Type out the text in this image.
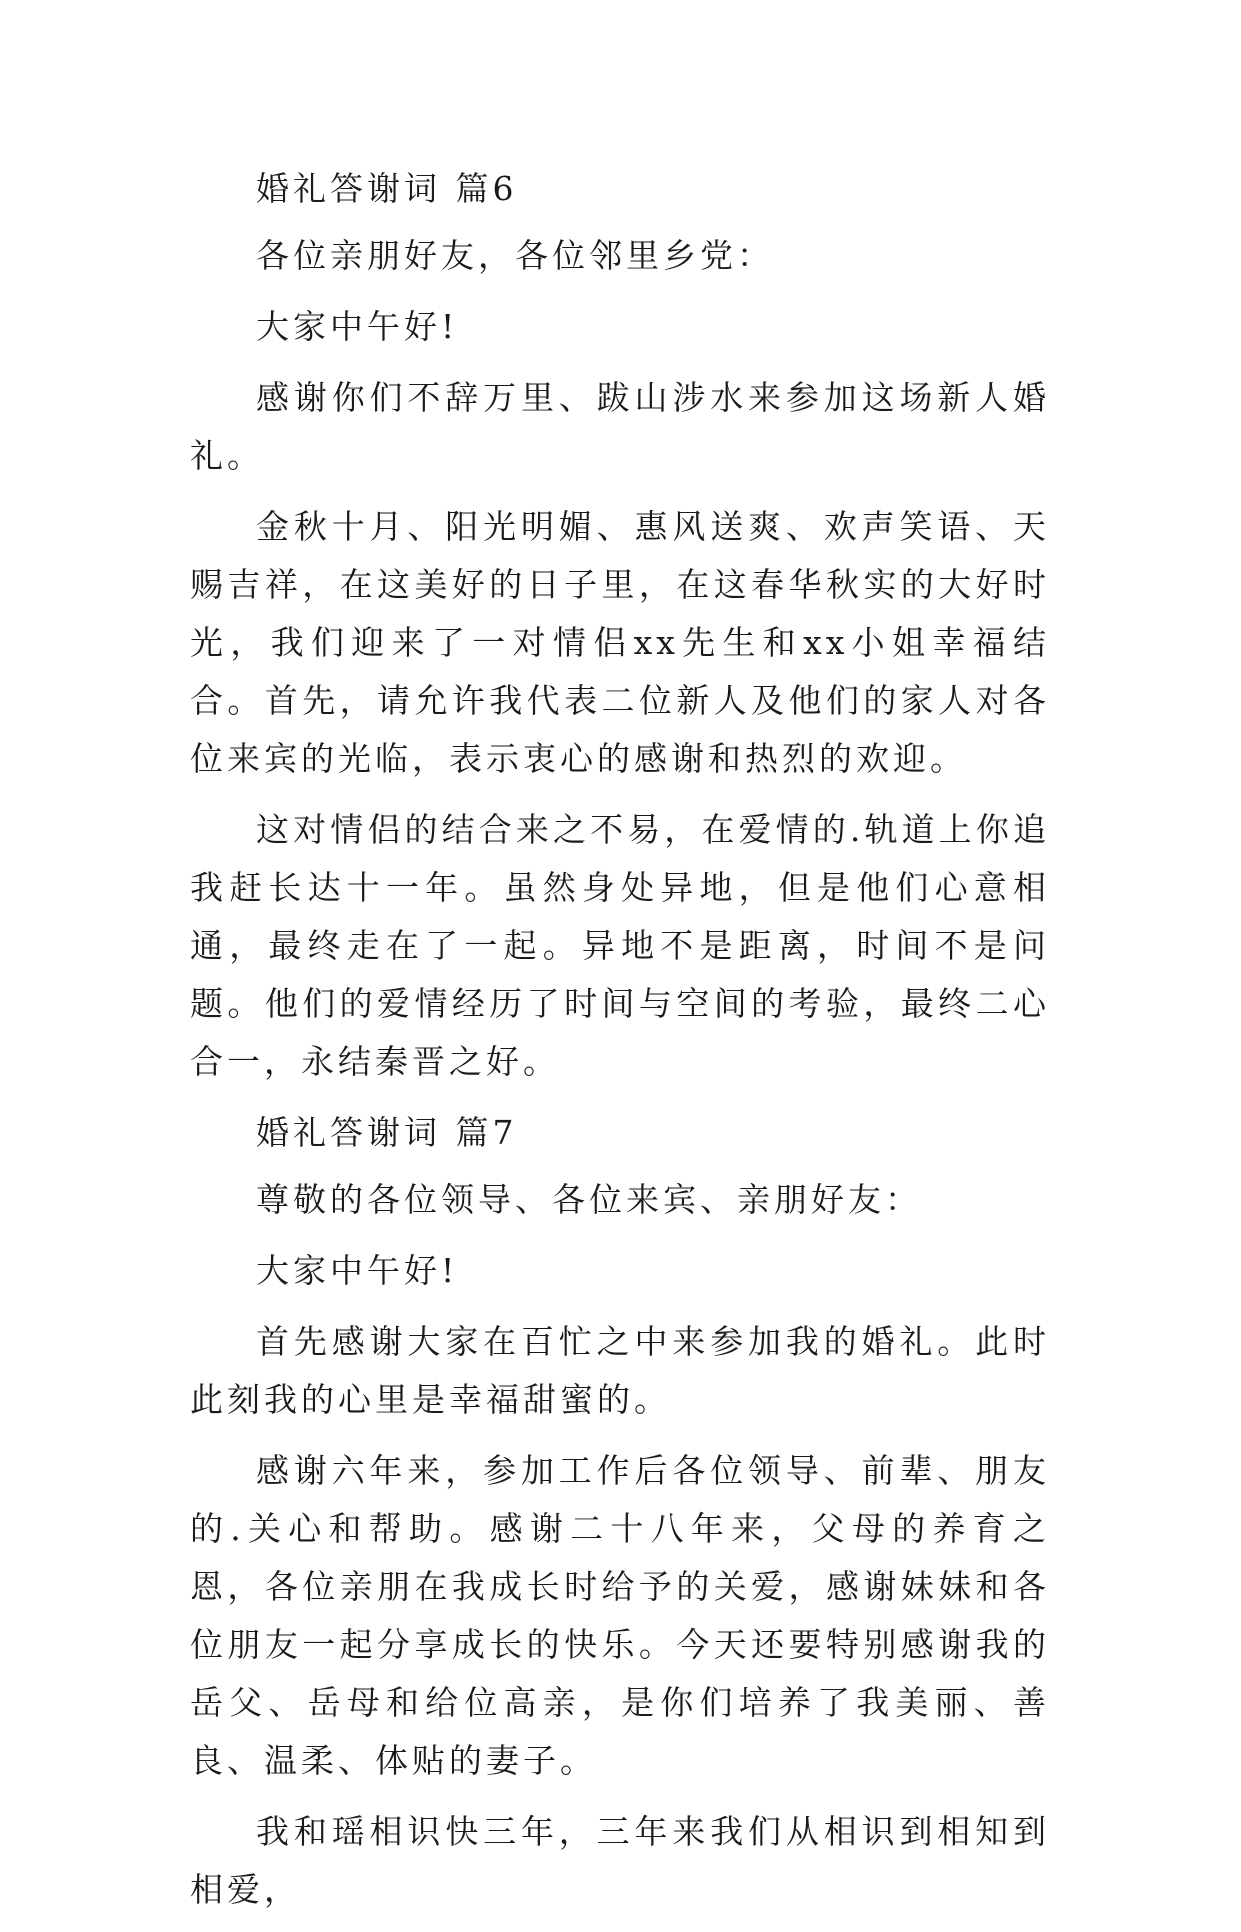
婚礼答谢词 篇6

各位亲朋好友，各位邻里乡党：

大家中午好!

感谢你们不辞万里、跋山涉水来参加这场新人婚礼。

金秋十月、阳光明媚、惠风送爽、欢声笑语、天赐吉祥，在这美好的日子里，在这春华秋实的大好时光，我们迎来了一对情侣xx先生和xx小姐幸福结合。首先，请允许我代表二位新人及他们的家人对各位来宾的光临，表示衷心的感谢和热烈的欢迎。

这对情侣的结合来之不易，在爱情的.轨道上你追我赶长达十一年。虽然身处异地，但是他们心意相通，最终走在了一起。异地不是距离，时间不是问题。他们的爱情经历了时间与空间的考验，最终二心合一，永结秦晋之好。

婚礼答谢词 篇7

尊敬的各位领导、各位来宾、亲朋好友：

大家中午好!

首先感谢大家在百忙之中来参加我的婚礼。此时此刻我的心里是幸福甜蜜的。

感谢六年来，参加工作后各位领导、前辈、朋友的.关心和帮助。感谢二十八年来，父母的养育之恩，各位亲朋在我成长时给予的关爱，感谢妹妹和各位朋友一起分享成长的快乐。今天还要特别感谢我的岳父、岳母和给位高亲，是你们培养了我美丽、善良、温柔、体贴的妻子。

我和瑶相识快三年，三年来我们从相识到相知到相爱，
